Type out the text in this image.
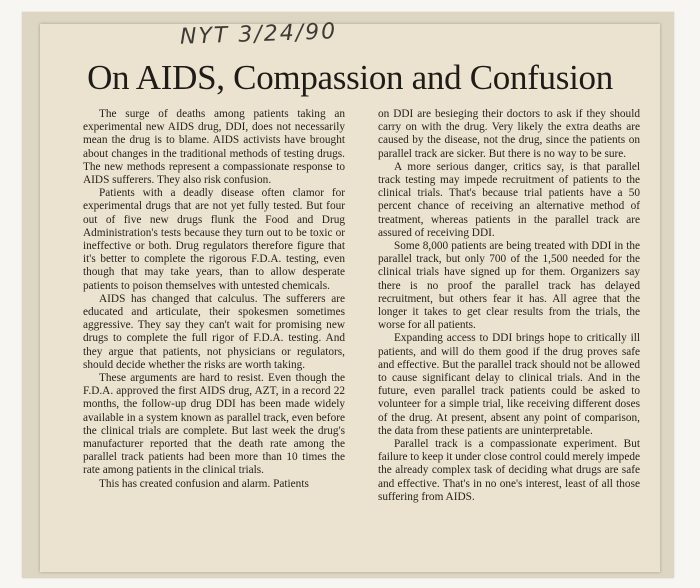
NYT 3/24/90
On AIDS, Compassion and Confusion

The surge of deaths among patients taking an experimental new AIDS drug, DDI, does not necessarily mean the drug is to blame. AIDS activists have brought about changes in the traditional methods of testing drugs. The new methods represent a compassionate response to AIDS sufferers. They also risk confusion.

Patients with a deadly disease often clamor for experimental drugs that are not yet fully tested. But four out of five new drugs flunk the Food and Drug Administration's tests because they turn out to be toxic or ineffective or both. Drug regulators therefore figure that it's better to complete the rigorous F.D.A. testing, even though that may take years, than to allow desperate patients to poison themselves with untested chemicals.

AIDS has changed that calculus. The sufferers are educated and articulate, their spokesmen sometimes aggressive. They say they can't wait for promising new drugs to complete the full rigor of F.D.A. testing. And they argue that patients, not physicians or regulators, should decide whether the risks are worth taking.

These arguments are hard to resist. Even though the F.D.A. approved the first AIDS drug, AZT, in a record 22 months, the follow-up drug DDI has been made widely available in a system known as parallel track, even before the clinical trials are complete. But last week the drug's manufacturer reported that the death rate among the parallel track patients had been more than 10 times the rate among patients in the clinical trials.

This has created confusion and alarm. Patients

on DDI are besieging their doctors to ask if they should carry on with the drug. Very likely the extra deaths are caused by the disease, not the drug, since the patients on parallel track are sicker. But there is no way to be sure.

A more serious danger, critics say, is that parallel track testing may impede recruitment of patients to the clinical trials. That's because trial patients have a 50 percent chance of receiving an alternative method of treatment, whereas patients in the parallel track are assured of receiving DDI.

Some 8,000 patients are being treated with DDI in the parallel track, but only 700 of the 1,500 needed for the clinical trials have signed up for them. Organizers say there is no proof the parallel track has delayed recruitment, but others fear it has. All agree that the longer it takes to get clear results from the trials, the worse for all patients.

Expanding access to DDI brings hope to critically ill patients, and will do them good if the drug proves safe and effective. But the parallel track should not be allowed to cause significant delay to clinical trials. And in the future, even parallel track patients could be asked to volunteer for a simple trial, like receiving different doses of the drug. At present, absent any point of comparison, the data from these patients are uninterpretable.

Parallel track is a compassionate experiment. But failure to keep it under close control could merely impede the already complex task of deciding what drugs are safe and effective. That's in no one's interest, least of all those suffering from AIDS.
